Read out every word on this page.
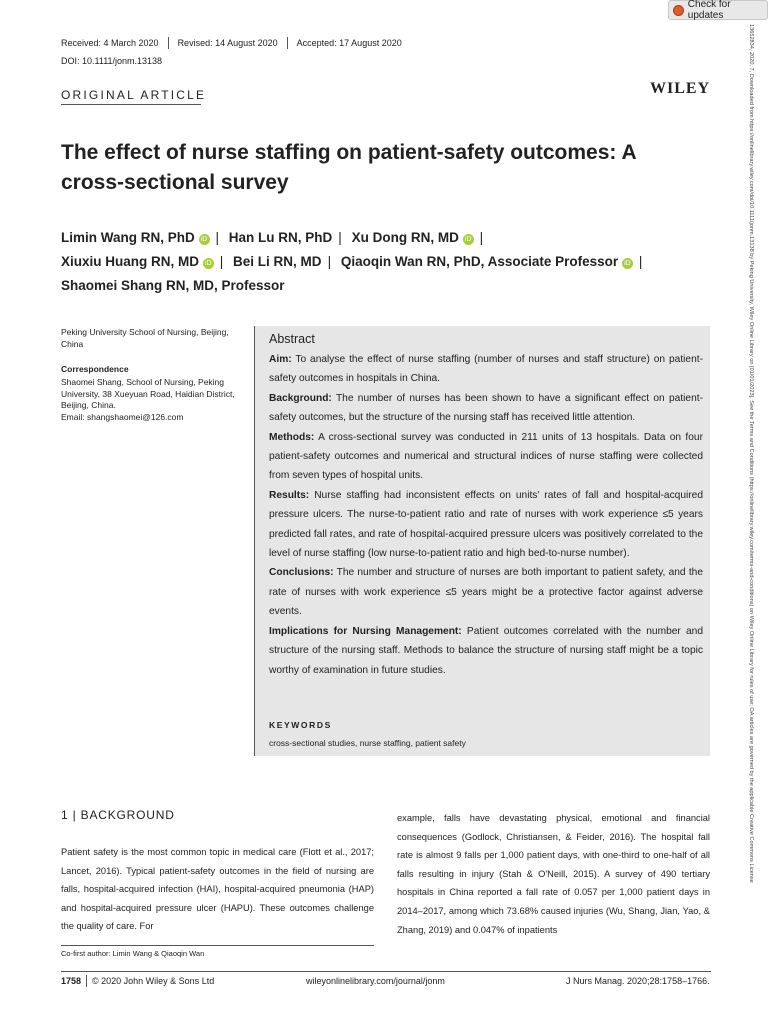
Check for updates
Received: 4 March 2020	Revised: 14 August 2020	Accepted: 17 August 2020
DOI: 10.1111/jonm.13138
ORIGINAL ARTICLE	WILEY
The effect of nurse staffing on patient-safety outcomes: A cross-sectional survey
Limin Wang RN, PhD iD | Han Lu RN, PhD | Xu Dong RN, MD iD |
Xiuxiu Huang RN, MD iD | Bei Li RN, MD | Qiaoqin Wan RN, PhD, Associate Professor iD |
Shaomei Shang RN, MD, Professor
Peking University School of Nursing, Beijing, China
Correspondence
Shaomei Shang, School of Nursing, Peking University, 38 Xueyuan Road, Haidian District, Beijing, China.
Email: shangshaomei@126.com
Abstract
Aim: To analyse the effect of nurse staffing (number of nurses and staff structure) on patient-safety outcomes in hospitals in China.
Background: The number of nurses has been shown to have a significant effect on patient-safety outcomes, but the structure of the nursing staff has received little attention.
Methods: A cross-sectional survey was conducted in 211 units of 13 hospitals. Data on four patient-safety outcomes and numerical and structural indices of nurse staffing were collected from seven types of hospital units.
Results: Nurse staffing had inconsistent effects on units' rates of fall and hospital-acquired pressure ulcers. The nurse-to-patient ratio and rate of nurses with work experience ≤5 years predicted fall rates, and rate of hospital-acquired pressure ulcers was positively correlated to the level of nurse staffing (low nurse-to-patient ratio and high bed-to-nurse number).
Conclusions: The number and structure of nurses are both important to patient safety, and the rate of nurses with work experience ≤5 years might be a protective factor against adverse events.
Implications for Nursing Management: Patient outcomes correlated with the number and structure of the nursing staff. Methods to balance the structure of nursing staff might be a topic worthy of examination in future studies.
KEYWORDS
cross-sectional studies, nurse staffing, patient safety
1 | BACKGROUND
Patient safety is the most common topic in medical care (Flott et al., 2017; Lancet, 2016). Typical patient-safety outcomes in the field of nursing are falls, hospital-acquired infection (HAI), hospital-acquired pneumonia (HAP) and hospital-acquired pressure ulcer (HAPU). These outcomes challenge the quality of care. For
example, falls have devastating physical, emotional and financial consequences (Godlock, Christiansen, & Feider, 2016). The hospital fall rate is almost 9 falls per 1,000 patient days, with one-third to one-half of all falls resulting in injury (Stah & O'Neill, 2015). A survey of 490 tertiary hospitals in China reported a fall rate of 0.057 per 1,000 patient days in 2014–2017, among which 73.68% caused injuries (Wu, Shang, Jian, Yao, & Zhang, 2019) and 0.047% of inpatients
Co-first author: Limin Wang & Qiaoqin Wan
1758 © 2020 John Wiley & Sons Ltd	wileyonlinelibrary.com/journal/jonm	J Nurs Manag. 2020;28:1758–1766.
13652834, 2020, 7, Downloaded from https://onlinelibrary.wiley.com/doi/10.1111/jonm.13138 by Peking University, Wiley Online Library on [01/01/2023]. See the Terms and Conditions (https://onlinelibrary.wiley.com/terms-and-conditions) on Wiley Online Library for rules of use; OA articles are governed by the applicable Creative Commons License
